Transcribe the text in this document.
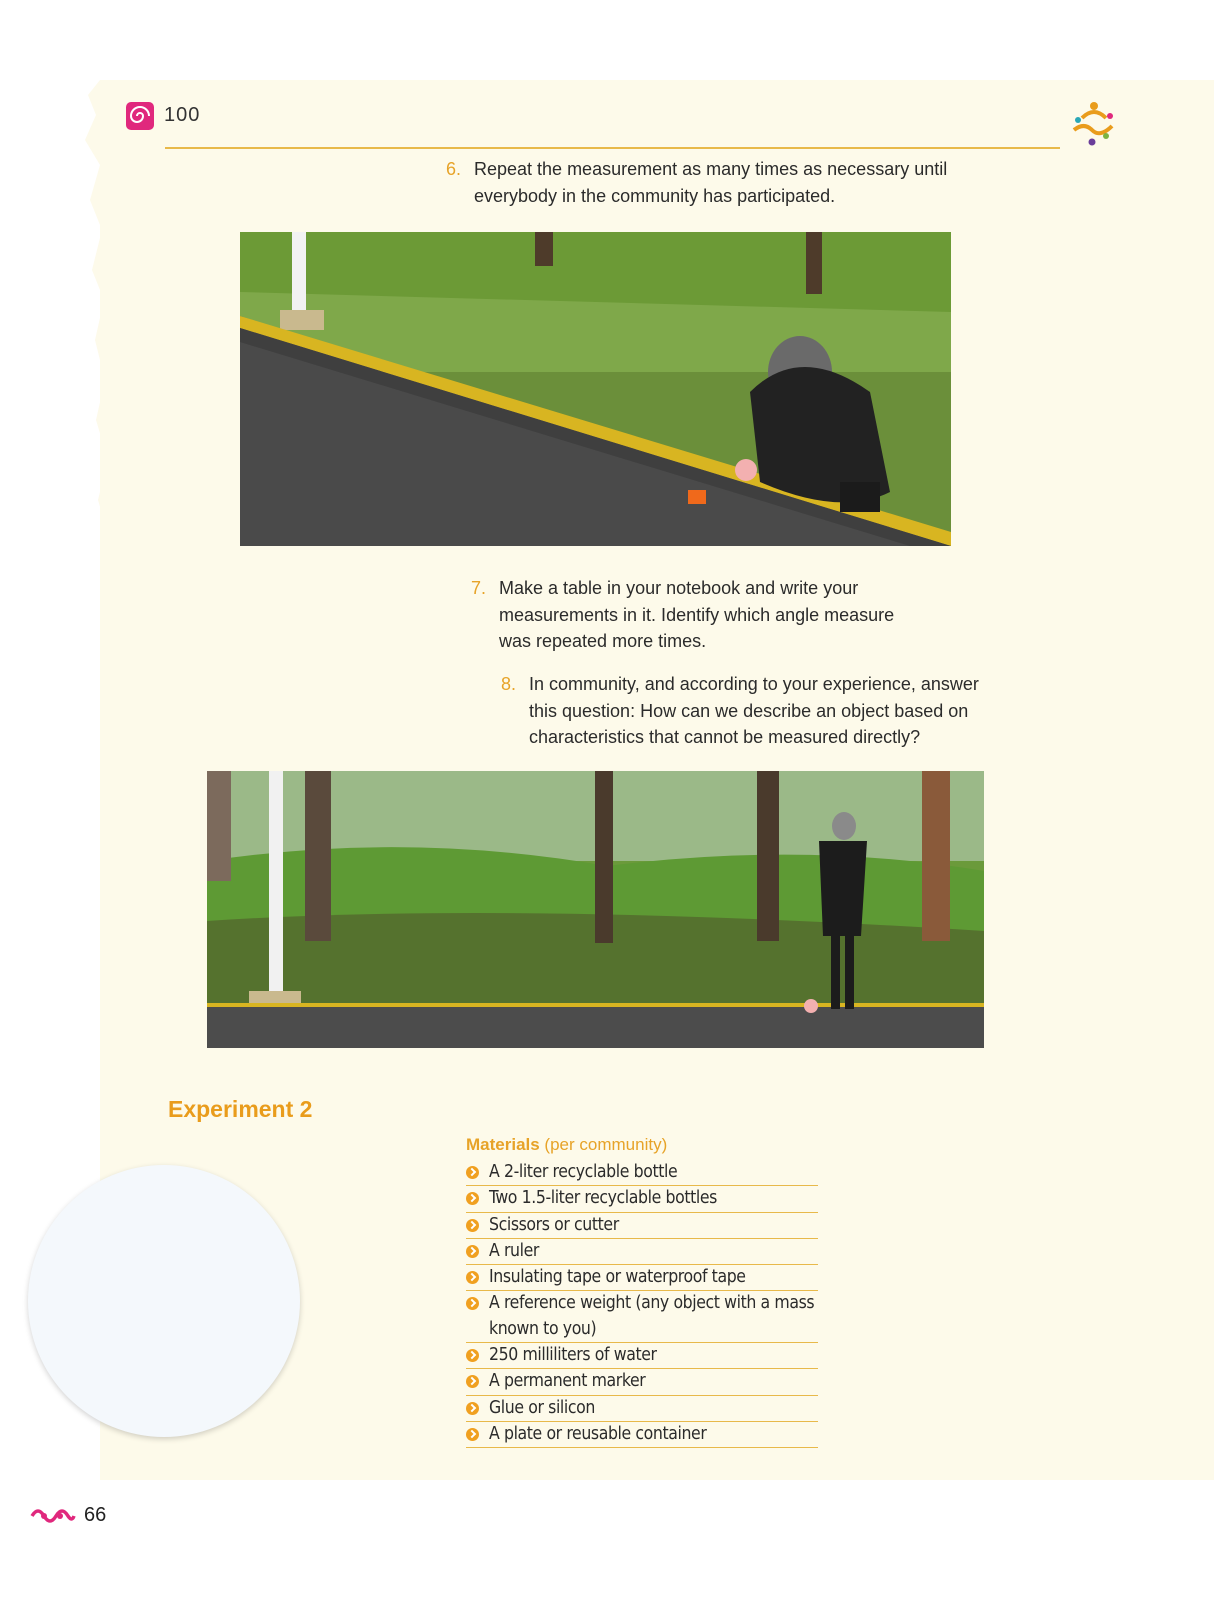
100
6. Repeat the measurement as many times as necessary until everybody in the community has participated.
7. Make a table in your notebook and write your measurements in it. Identify which angle measure was repeated more times.
8. In community, and according to your experience, answer this question: How can we describe an object based on characteristics that cannot be measured directly?
Experiment 2
Materials (per community)
A 2-liter recyclable bottle
Two 1.5-liter recyclable bottles
Scissors or cutter
A ruler
Insulating tape or waterproof tape
A reference weight (any object with a mass known to you)
250 milliliters of water
A permanent marker
Glue or silicon
A plate or reusable container
66
